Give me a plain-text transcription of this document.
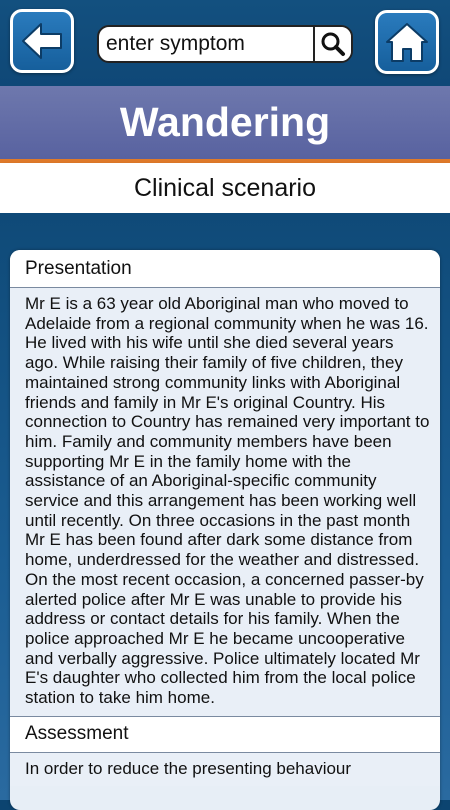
enter symptom
Wandering
Clinical scenario
Presentation
Mr E is a 63 year old Aboriginal man who moved to Adelaide from a regional community when he was 16. He lived with his wife until she died several years ago. While raising their family of five children, they maintained strong community links with Aboriginal friends and family in Mr E's original Country. His connection to Country has remained very important to him. Family and community members have been supporting Mr E in the family home with the assistance of an Aboriginal-specific community service and this arrangement has been working well until recently. On three occasions in the past month Mr E has been found after dark some distance from home, underdressed for the weather and distressed. On the most recent occasion, a concerned passer-by alerted police after Mr E was unable to provide his address or contact details for his family. When the police approached Mr E he became uncooperative and verbally aggressive. Police ultimately located Mr E's daughter who collected him from the local police station to take him home.
Assessment
In order to reduce the presenting behaviour
